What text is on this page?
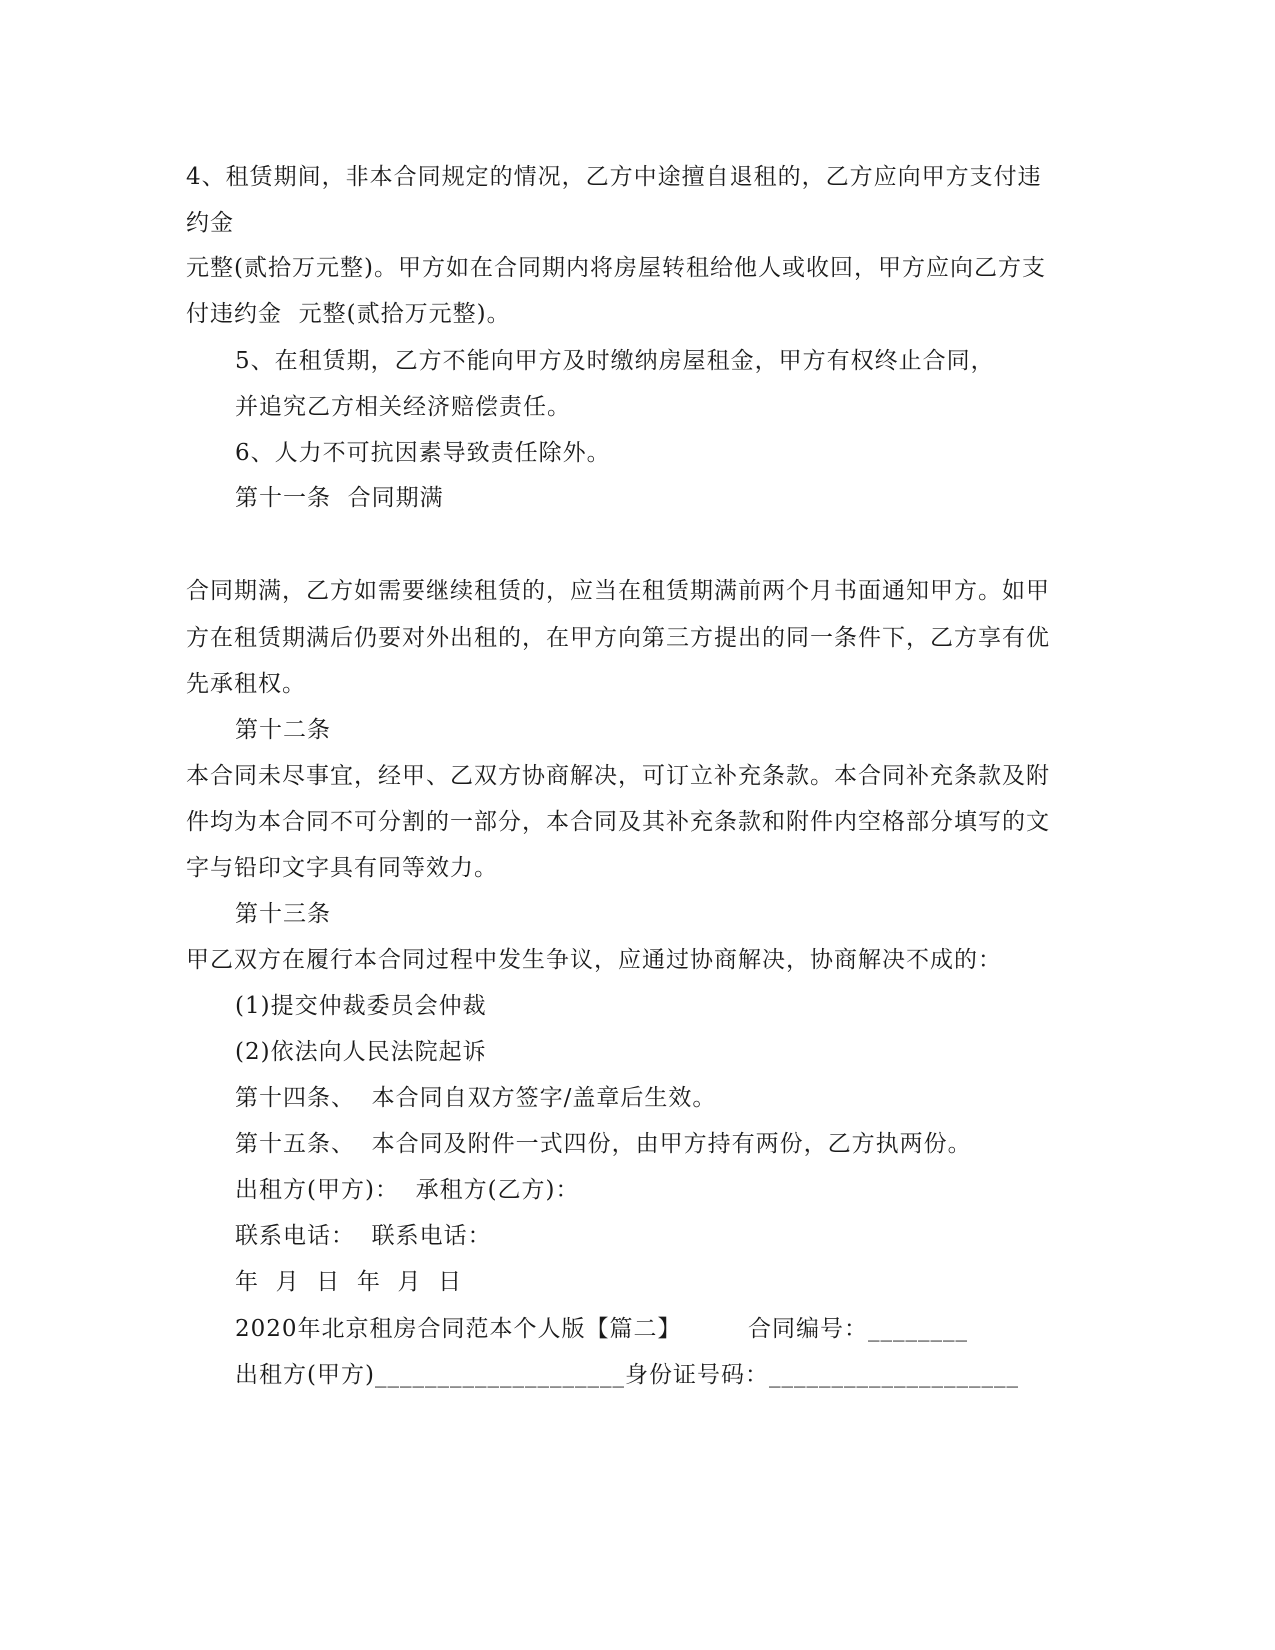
4、租赁期间，非本合同规定的情况，乙方中途擅自退租的，乙方应向甲方支付违
约金
元整(贰拾万元整)。甲方如在合同期内将房屋转租给他人或收回，甲方应向乙方支
付违约金  元整(贰拾万元整)。
5、在租赁期，乙方不能向甲方及时缴纳房屋租金，甲方有权终止合同，
并追究乙方相关经济赔偿责任。
6、人力不可抗因素导致责任除外。
第十一条  合同期满
合同期满，乙方如需要继续租赁的，应当在租赁期满前两个月书面通知甲方。如甲
方在租赁期满后仍要对外出租的，在甲方向第三方提出的同一条件下，乙方享有优
先承租权。
第十二条
本合同未尽事宜，经甲、乙双方协商解决，可订立补充条款。本合同补充条款及附
件均为本合同不可分割的一部分，本合同及其补充条款和附件内空格部分填写的文
字与铅印文字具有同等效力。
第十三条
甲乙双方在履行本合同过程中发生争议，应通过协商解决，协商解决不成的：
(1)提交仲裁委员会仲裁
(2)依法向人民法院起诉
第十四条、  本合同自双方签字/盖章后生效。
第十五条、  本合同及附件一式四份，由甲方持有两份，乙方执两份。
出租方(甲方)：  承租方(乙方)：
联系电话：  联系电话：
年  月  日  年  月  日
2020年北京租房合同范本个人版【篇二】        合同编号：________
出租方(甲方)____________________身份证号码：____________________
